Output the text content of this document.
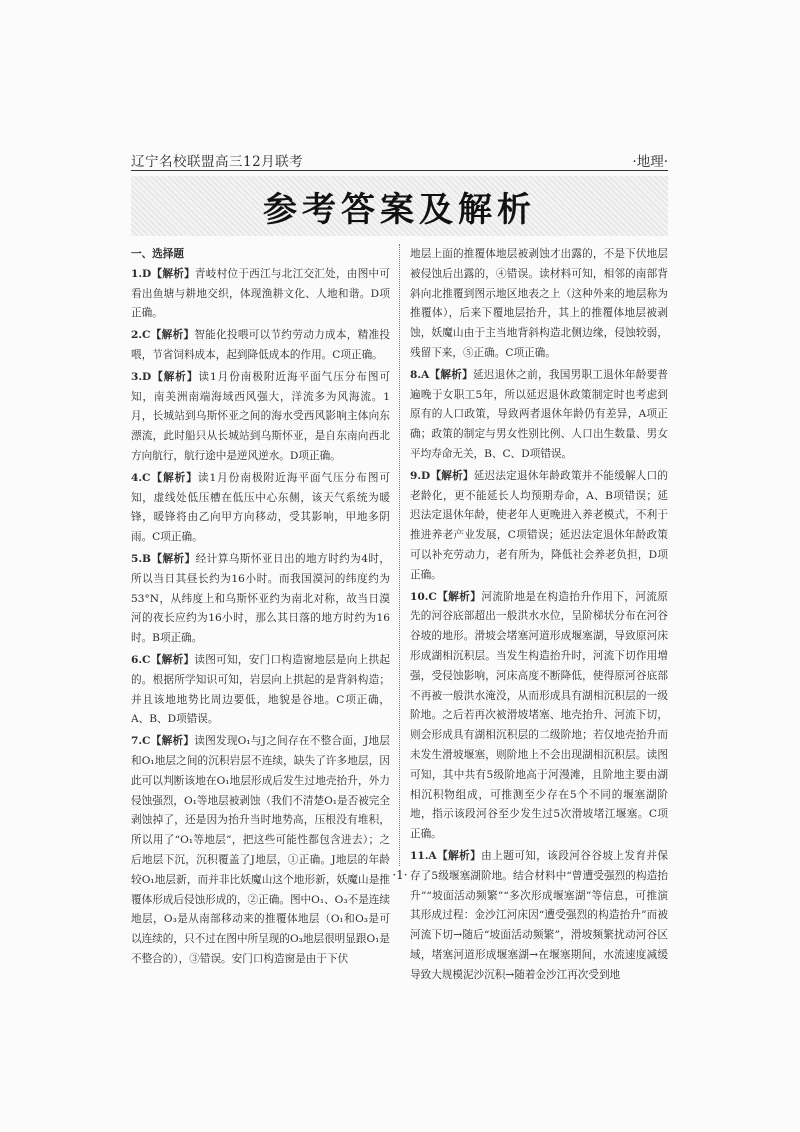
辽宁名校联盟高三12月联考	·地理·
参考答案及解析
一、选择题
1.D【解析】青岐村位于西江与北江交汇处，由图中可看出鱼塘与耕地交织，体现渔耕文化、人地和谐。D项正确。
2.C【解析】智能化投喂可以节约劳动力成本，精准投喂，节省饲料成本，起到降低成本的作用。C项正确。
3.D【解析】读1月份南极附近海平面气压分布图可知，南美洲南端海域西风强大，洋流多为风海流。1月，长城站到乌斯怀亚之间的海水受西风影响主体向东漂流，此时船只从长城站到乌斯怀亚，是自东南向西北方向航行，航行途中是逆风逆水。D项正确。
4.C【解析】读1月份南极附近海平面气压分布图可知，虚线处低压槽在低压中心东侧，该天气系统为暖锋，暖锋将由乙向甲方向移动，受其影响，甲地多阴雨。C项正确。
5.B【解析】经计算乌斯怀亚日出的地方时约为4时，所以当日其昼长约为16小时。而我国漠河的纬度约为53°N，从纬度上和乌斯怀亚约为南北对称，故当日漠河的夜长应约为16小时，那么其日落的地方时约为16时。B项正确。
6.C【解析】读图可知，安门口构造窗地层是向上拱起的。根据所学知识可知，岩层向上拱起的是背斜构造；并且该地地势比周边要低，地貌是谷地。C项正确，A、B、D项错误。
7.C【解析】读图发现O₁与J之间存在不整合面，J地层和O₁地层之间的沉积岩层不连续，缺失了许多地层，因此可以判断该地在O₁地层形成后发生过地壳抬升，外力侵蚀强烈，O₁等地层被剥蚀（我们不清楚O₁是否被完全剥蚀掉了，还是因为抬升当时地势高，压根没有堆积，所以用了“O₁等地层”，把这些可能性都包含进去）；之后地层下沉，沉积覆盖了J地层，①正确。J地层的年龄较O₁地层新，而并非比妖魔山这个地形新，妖魔山是推覆体形成后侵蚀形成的，②正确。图中O₁、O₃不是连续地层，O₃是从南部移动来的推覆体地层（O₁和O₃是可以连续的，只不过在图中所呈现的O₃地层很明显跟O₁是不整合的），③错误。安门口构造窗是由于下伏
地层上面的推覆体地层被剥蚀才出露的，不是下伏地层被侵蚀后出露的，④错误。读材料可知，相邻的南部背斜向北推覆到图示地区地表之上（这种外来的地层称为推覆体），后来下覆地层抬升，其上的推覆体地层被剥蚀，妖魔山由于主当地背斜构造北侧边缘，侵蚀较弱，残留下来，⑤正确。C项正确。
8.A【解析】延迟退休之前，我国男职工退休年龄要普遍晚于女职工5年，所以延迟退休政策制定时也考虑到原有的人口政策，导致两者退休年龄仍有差异，A项正确；政策的制定与男女性别比例、人口出生数量、男女平均寿命无关，B、C、D项错误。
9.D【解析】延迟法定退休年龄政策并不能缓解人口的老龄化，更不能延长人均预期寿命，A、B项错误；延迟法定退休年龄，使老年人更晚进入养老模式，不利于推进养老产业发展，C项错误；延迟法定退休年龄政策可以补充劳动力，老有所为，降低社会养老负担，D项正确。
10.C【解析】河流阶地是在构造抬升作用下，河流原先的河谷底部超出一般洪水水位，呈阶梯状分布在河谷谷坡的地形。滑坡会堵塞河道形成堰塞湖，导致原河床形成湖相沉积层。当发生构造抬升时，河流下切作用增强，受侵蚀影响，河床高度不断降低，使得原河谷底部不再被一般洪水淹没，从而形成具有湖相沉积层的一级阶地。之后若再次被滑坡堵塞、地壳抬升、河流下切，则会形成具有湖相沉积层的二级阶地；若仅地壳抬升而未发生滑坡堰塞，则阶地上不会出现湖相沉积层。读图可知，其中共有5级阶地高于河漫滩，且阶地主要由湖相沉积物组成，可推测至少存在5个不同的堰塞湖阶地，指示该段河谷至少发生过5次滑坡堵江堰塞。C项正确。
11.A【解析】由上题可知，该段河谷谷坡上发育并保存了5级堰塞湖阶地。结合材料中“曾遭受强烈的构造抬升”“坡面活动频繁”“多次形成堰塞湖”等信息，可推演其形成过程：金沙江河床因“遭受强烈的构造抬升”而被河流下切→随后“坡面活动频繁”，滑坡频繁扰动河谷区域，堵塞河道形成堰塞湖→在堰塞期间，水流速度减缓导致大规模泥沙沉积→随着金沙江再次受到地
·1·
